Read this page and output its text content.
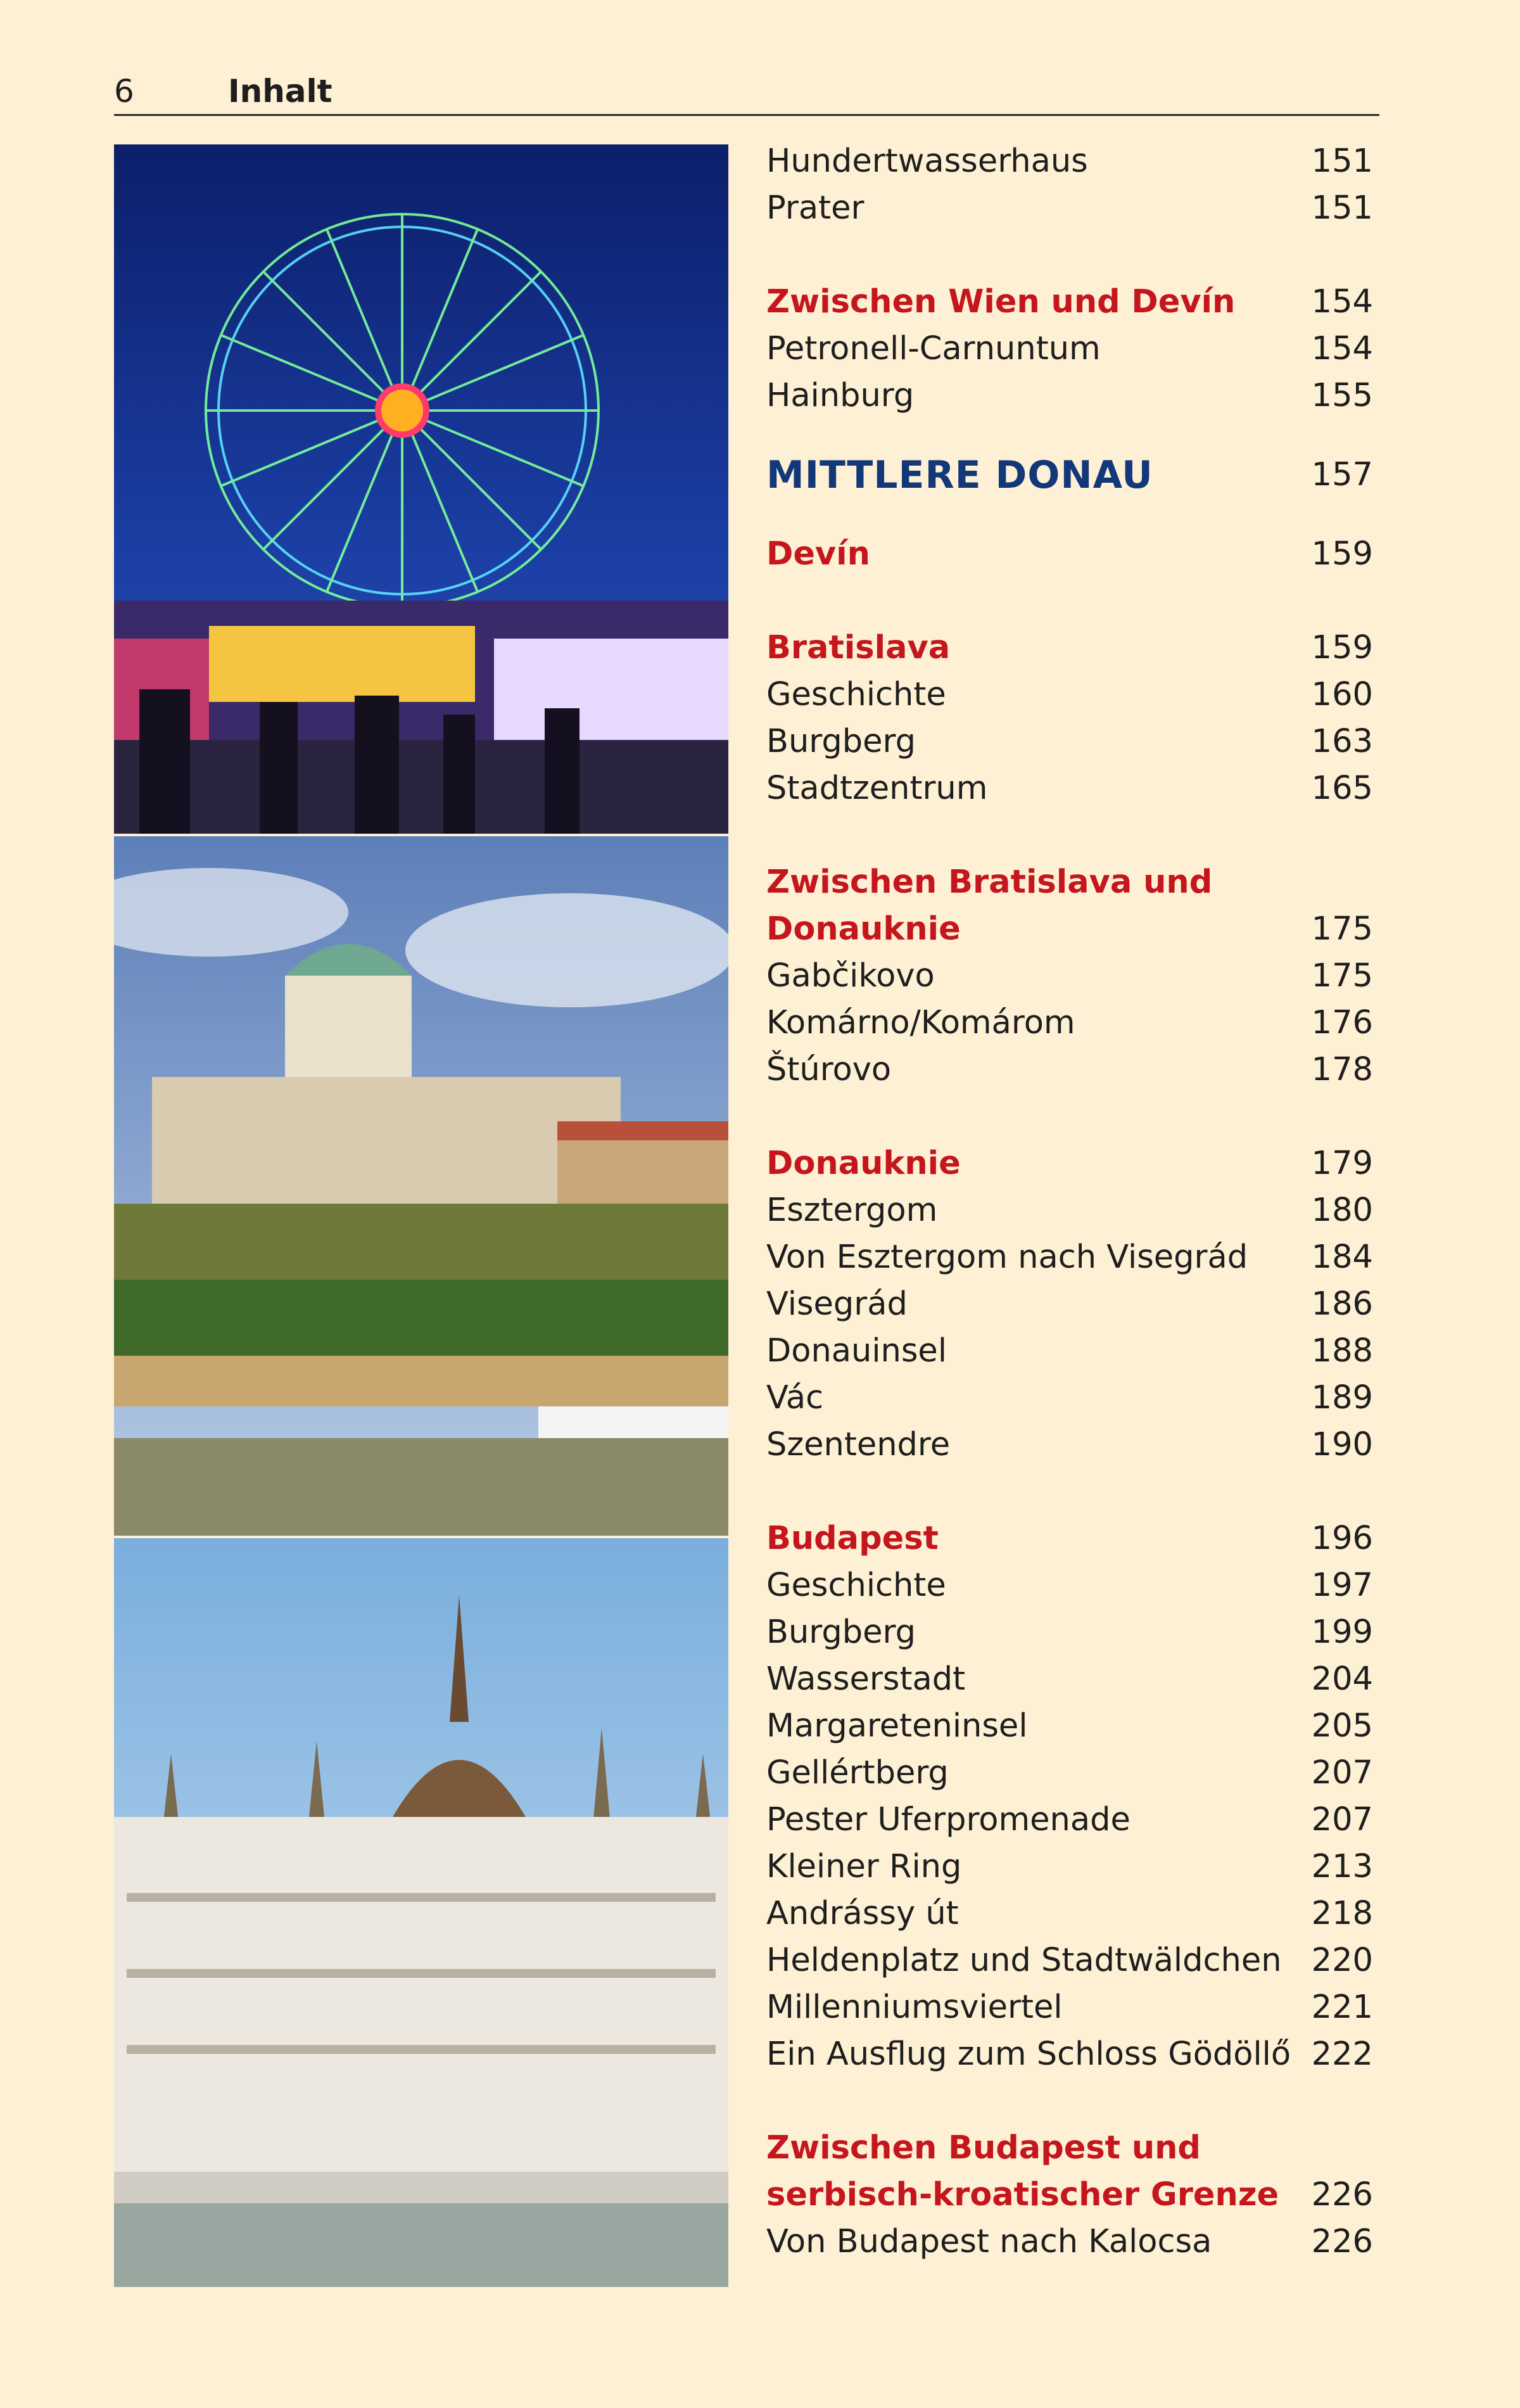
6	Inhalt
Hundertwasserhaus	151
Prater	151
Zwischen Wien und Devín 154
Petronell-Carnuntum	154
Hainburg	155
MITTLERE DONAU	157
Devín	159
Bratislava	159
Geschichte	160
Burgberg	163
Stadtzentrum	165
Zwischen Bratislava und
Donauknie	175
Gabčikovo	175
Komárno/Komárom	176
Štúrovo	178
Donauknie	179
Esztergom	180
Von Esztergom nach Visegrád 184
Visegrád	186
Donauinsel	188
Vác	189
Szentendre	190
Budapest	196
Geschichte	197
Burgberg	199
Wasserstadt	204
Margareteninsel	205
Gellértberg	207
Pester Uferpromenade	207
Kleiner Ring	213
Andrássy út	218
Heldenplatz und Stadtwäldchen 220
Millenniumsviertel	221
Ein Ausflug zum Schloss Gödöllő 222
Zwischen Budapest und
serbisch-kroatischer Grenze 226
Von Budapest nach Kalocsa	226
